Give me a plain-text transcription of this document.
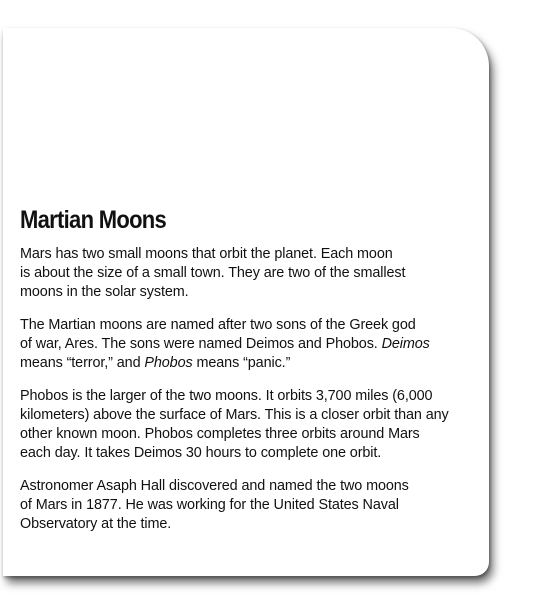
Martian Moons

Mars has two small moons that orbit the planet. Each moon
is about the size of a small town. They are two of the smallest
moons in the solar system.

The Martian moons are named after two sons of the Greek god
of war, Ares. The sons were named Deimos and Phobos. Deimos
means “terror,” and Phobos means “panic.”

Phobos is the larger of the two moons. It orbits 3,700 miles (6,000
kilometers) above the surface of Mars. This is a closer orbit than any
other known moon. Phobos completes three orbits around Mars
each day. It takes Deimos 30 hours to complete one orbit.

Astronomer Asaph Hall discovered and named the two moons
of Mars in 1877. He was working for the United States Naval
Observatory at the time.
